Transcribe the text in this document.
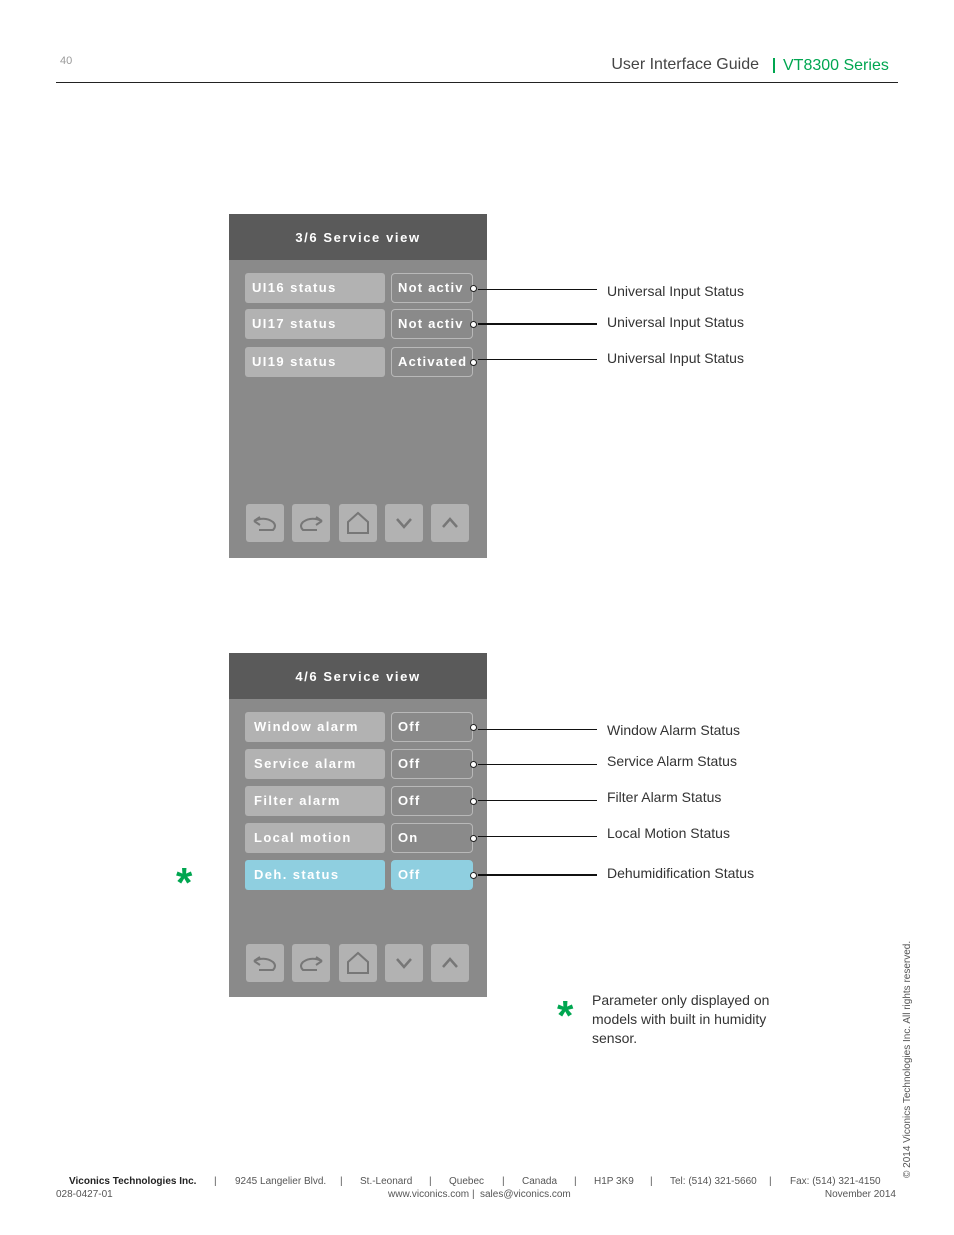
40	User Interface Guide VT8300 Series
3/6 Service view
UI16 status	Not activ
UI17 status	Not activ
UI19 status	Activated
Universal Input Status
Universal Input Status
Universal Input Status
4/6 Service view
Window alarm	Off
Service alarm	Off
Filter alarm	Off
Local motion	On
Deh. status	Off
Window Alarm Status
Service Alarm Status
Filter Alarm Status
Local Motion Status
Dehumidification Status
*
* Parameter only displayed on models with built in humidity sensor.	© 2014 Viconics Technologies Inc. All rights reserved.
Viconics Technologies Inc. | 9245 Langelier Blvd. | St.-Leonard | Quebec | Canada | H1P 3K9 | Tel: (514) 321-5660 | Fax: (514) 321-4150
028-0427-01	www.viconics.com | sales@viconics.com	November 2014
